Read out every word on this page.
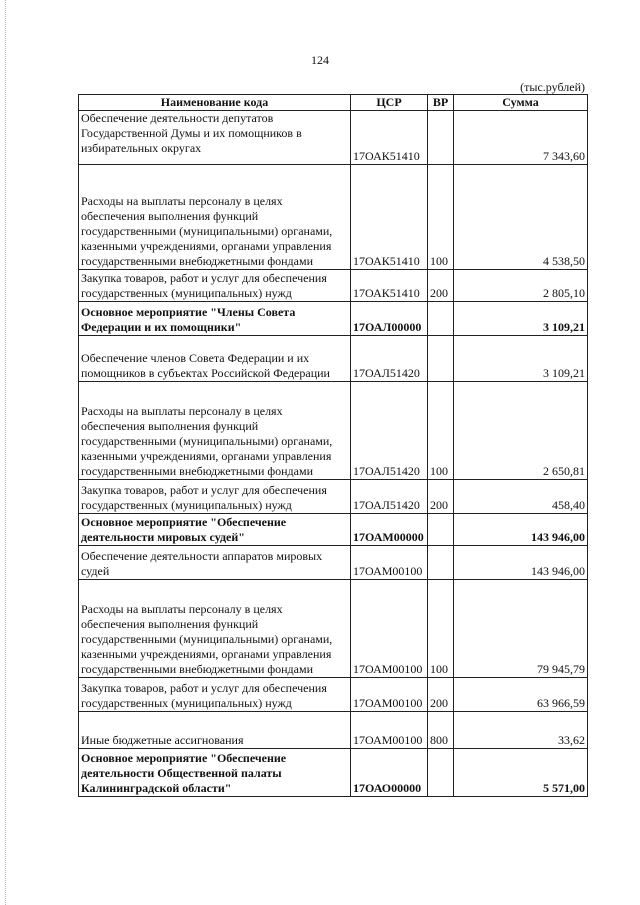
124
(тыс.рублей)
Наименование кода	ЦСР	ВР	Сумма
Обеспечение деятельности депутатов Государственной Думы и их помощников в избирательных округах	17ОАК51410		7 343,60
Расходы на выплаты персоналу в целях обеспечения выполнения функций государственными (муниципальными) органами, казенными учреждениями, органами управления государственными внебюджетными фондами	17ОАК51410	100	4 538,50
Закупка товаров, работ и услуг для обеспечения государственных (муниципальных) нужд	17ОАК51410	200	2 805,10
Основное мероприятие "Члены Совета Федерации и их помощники"	17ОАЛ00000		3 109,21
Обеспечение членов Совета Федерации и их помощников в субъектах Российской Федерации	17ОАЛ51420		3 109,21
Расходы на выплаты персоналу в целях обеспечения выполнения функций государственными (муниципальными) органами, казенными учреждениями, органами управления государственными внебюджетными фондами	17ОАЛ51420	100	2 650,81
Закупка товаров, работ и услуг для обеспечения государственных (муниципальных) нужд	17ОАЛ51420	200	458,40
Основное мероприятие "Обеспечение деятельности мировых судей"	17ОАМ00000		143 946,00
Обеспечение деятельности аппаратов мировых судей	17ОАМ00100		143 946,00
Расходы на выплаты персоналу в целях обеспечения выполнения функций государственными (муниципальными) органами, казенными учреждениями, органами управления государственными внебюджетными фондами	17ОАМ00100	100	79 945,79
Закупка товаров, работ и услуг для обеспечения государственных (муниципальных) нужд	17ОАМ00100	200	63 966,59
Иные бюджетные ассигнования	17ОАМ00100	800	33,62
Основное мероприятие "Обеспечение деятельности Общественной палаты Калининградской области"	17ОАО00000		5 571,00
